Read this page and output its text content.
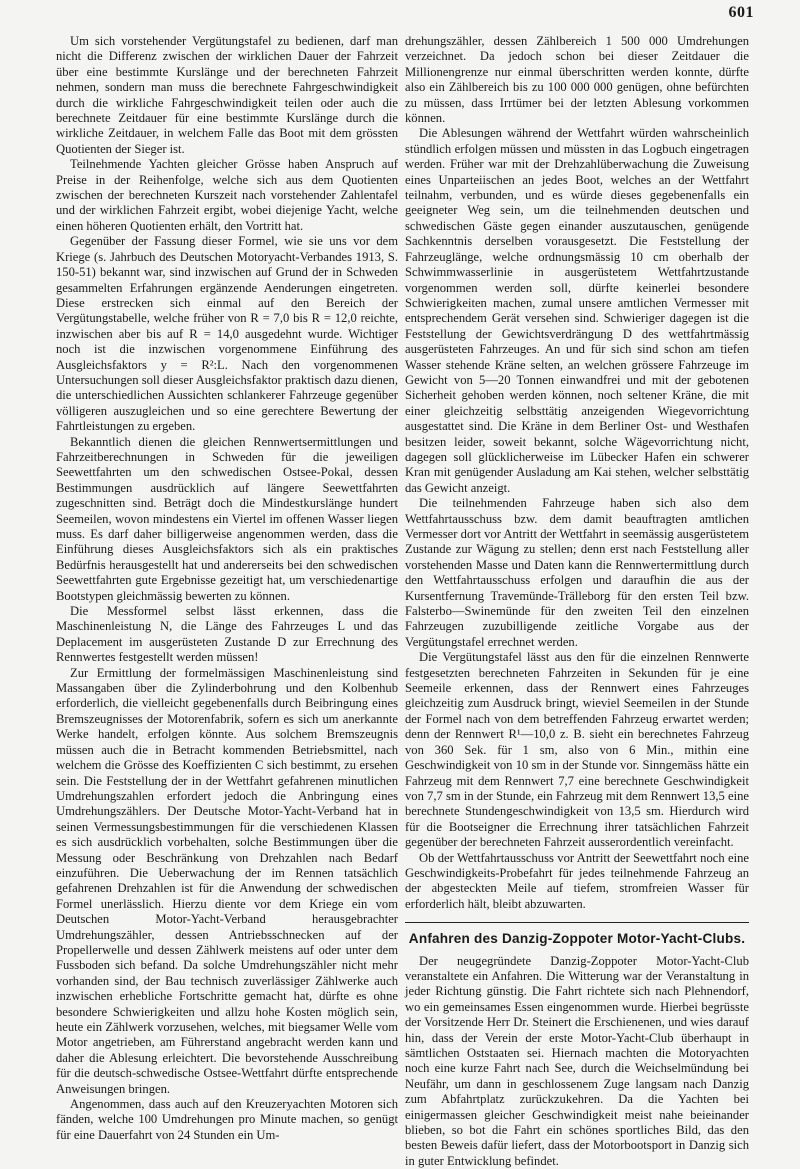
601

Um sich vorstehender Vergütungstafel zu bedienen, darf man nicht die Differenz zwischen der wirklichen Dauer der Fahrzeit über eine bestimmte Kurslänge und der berechneten Fahrzeit nehmen, sondern man muss die berechnete Fahrgeschwindigkeit durch die wirkliche Fahrgeschwindigkeit teilen oder auch die berechnete Zeitdauer für eine bestimmte Kurslänge durch die wirkliche Zeitdauer, in welchem Falle das Boot mit dem grössten Quotienten der Sieger ist.

Teilnehmende Yachten gleicher Grösse haben Anspruch auf Preise in der Reihenfolge, welche sich aus dem Quotienten zwischen der berechneten Kurszeit nach vorstehender Zahlentafel und der wirklichen Fahrzeit ergibt, wobei diejenige Yacht, welche einen höheren Quotienten erhält, den Vortritt hat.

Gegenüber der Fassung dieser Formel, wie sie uns vor dem Kriege (s. Jahrbuch des Deutschen Motoryacht-Verbandes 1913, S. 150-51) bekannt war, sind inzwischen auf Grund der in Schweden gesammelten Erfahrungen ergänzende Aenderungen eingetreten. Diese erstrecken sich einmal auf den Bereich der Vergütungstabelle, welche früher von R = 7,0 bis R = 12,0 reichte, inzwischen aber bis auf R = 14,0 ausgedehnt wurde. Wichtiger noch ist die inzwischen vorgenommene Einführung des Ausgleichsfaktors y = R²:L. Nach den vorgenommenen Untersuchungen soll dieser Ausgleichsfaktor praktisch dazu dienen, die unterschiedlichen Aussichten schlankerer Fahrzeuge gegenüber völligeren auszugleichen und so eine gerechtere Bewertung der Fahrtleistungen zu ergeben.

Bekanntlich dienen die gleichen Rennwertsermittlungen und Fahrzeitberechnungen in Schweden für die jeweiligen Seewettfahrten um den schwedischen Ostsee-Pokal, dessen Bestimmungen ausdrücklich auf längere Seewettfahrten zugeschnitten sind. Beträgt doch die Mindestkurslänge hundert Seemeilen, wovon mindestens ein Viertel im offenen Wasser liegen muss. Es darf daher billigerweise angenommen werden, dass die Einführung dieses Ausgleichsfaktors sich als ein praktisches Bedürfnis herausgestellt hat und andererseits bei den schwedischen Seewettfahrten gute Ergebnisse gezeitigt hat, um verschiedenartige Bootstypen gleichmässig bewerten zu können.

Die Messformel selbst lässt erkennen, dass die Maschinenleistung N, die Länge des Fahrzeuges L und das Deplacement im ausgerüsteten Zustande D zur Errechnung des Rennwertes festgestellt werden müssen!

Zur Ermittlung der formelmässigen Maschinenleistung sind Massangaben über die Zylinderbohrung und den Kolbenhub erforderlich, die vielleicht gegebenenfalls durch Beibringung eines Bremszeugnisses der Motorenfabrik, sofern es sich um anerkannte Werke handelt, erfolgen könnte. Aus solchem Bremszeugnis müssen auch die in Betracht kommenden Betriebsmittel, nach welchem die Grösse des Koeffizienten C sich bestimmt, zu ersehen sein. Die Feststellung der in der Wettfahrt gefahrenen minutlichen Umdrehungszahlen erfordert jedoch die Anbringung eines Umdrehungszählers. Der Deutsche Motor-Yacht-Verband hat in seinen Vermessungsbestimmungen für die verschiedenen Klassen es sich ausdrücklich vorbehalten, solche Bestimmungen über die Messung oder Beschränkung von Drehzahlen nach Bedarf einzuführen. Die Ueberwachung der im Rennen tatsächlich gefahrenen Drehzahlen ist für die Anwendung der schwedischen Formel unerlässlich. Hierzu diente vor dem Kriege ein vom Deutschen Motor-Yacht-Verband herausgebrachter Umdrehungszähler, dessen Antriebsschnecken auf der Propellerwelle und dessen Zählwerk meistens auf oder unter dem Fussboden sich befand. Da solche Umdrehungszähler nicht mehr vorhanden sind, der Bau technisch zuverlässiger Zählwerke auch inzwischen erhebliche Fortschritte gemacht hat, dürfte es ohne besondere Schwierigkeiten und allzu hohe Kosten möglich sein, heute ein Zählwerk vorzusehen, welches, mit biegsamer Welle vom Motor angetrieben, am Führerstand angebracht werden kann und daher die Ablesung erleichtert. Die bevorstehende Ausschreibung für die deutsch-schwedische Ostsee-Wettfahrt dürfte entsprechende Anweisungen bringen.

Angenommen, dass auch auf den Kreuzeryachten Motoren sich fänden, welche 100 Umdrehungen pro Minute machen, so genügt für eine Dauerfahrt von 24 Stunden ein Um-

drehungszähler, dessen Zählbereich 1 500 000 Umdrehungen verzeichnet. Da jedoch schon bei dieser Zeitdauer die Millionengrenze nur einmal überschritten werden konnte, dürfte also ein Zählbereich bis zu 100 000 000 genügen, ohne befürchten zu müssen, dass Irrtümer bei der letzten Ablesung vorkommen können.

Die Ablesungen während der Wettfahrt würden wahrscheinlich stündlich erfolgen müssen und müssten in das Logbuch eingetragen werden. Früher war mit der Drehzahlüberwachung die Zuweisung eines Unparteiischen an jedes Boot, welches an der Wettfahrt teilnahm, verbunden, und es würde dieses gegebenenfalls ein geeigneter Weg sein, um die teilnehmenden deutschen und schwedischen Gäste gegen einander auszutauschen, genügende Sachkenntnis derselben vorausgesetzt. Die Feststellung der Fahrzeuglänge, welche ordnungsmässig 10 cm oberhalb der Schwimmwasserlinie in ausgerüstetem Wettfahrtzustande vorgenommen werden soll, dürfte keinerlei besondere Schwierigkeiten machen, zumal unsere amtlichen Vermesser mit entsprechendem Gerät versehen sind. Schwieriger dagegen ist die Feststellung der Gewichtsverdrängung D des wettfahrtmässig ausgerüsteten Fahrzeuges. An und für sich sind schon am tiefen Wasser stehende Kräne selten, an welchen grössere Fahrzeuge im Gewicht von 5—20 Tonnen einwandfrei und mit der gebotenen Sicherheit gehoben werden können, noch seltener Kräne, die mit einer gleichzeitig selbsttätig anzeigenden Wiegevorrichtung ausgestattet sind. Die Kräne in dem Berliner Ost- und Westhafen besitzen leider, soweit bekannt, solche Wägevorrichtung nicht, dagegen soll glücklicherweise im Lübecker Hafen ein schwerer Kran mit genügender Ausladung am Kai stehen, welcher selbsttätig das Gewicht anzeigt.

Die teilnehmenden Fahrzeuge haben sich also dem Wettfahrtausschuss bzw. dem damit beauftragten amtlichen Vermesser dort vor Antritt der Wettfahrt in seemässig ausgerüstetem Zustande zur Wägung zu stellen; denn erst nach Feststellung aller vorstehenden Masse und Daten kann die Rennwertermittlung durch den Wettfahrtausschuss erfolgen und daraufhin die aus der Kursentfernung Travemünde-Trälleborg für den ersten Teil bzw. Falsterbo—Swinemünde für den zweiten Teil den einzelnen Fahrzeugen zuzubilligende zeitliche Vorgabe aus der Vergütungstafel errechnet werden.

Die Vergütungstafel lässt aus den für die einzelnen Rennwerte festgesetzten berechneten Fahrzeiten in Sekunden für je eine Seemeile erkennen, dass der Rennwert eines Fahrzeuges gleichzeitig zum Ausdruck bringt, wieviel Seemeilen in der Stunde der Formel nach von dem betreffenden Fahrzeug erwartet werden; denn der Rennwert R¹—10,0 z. B. sieht ein berechnetes Fahrzeug von 360 Sek. für 1 sm, also von 6 Min., mithin eine Geschwindigkeit von 10 sm in der Stunde vor. Sinngemäss hätte ein Fahrzeug mit dem Rennwert 7,7 eine berechnete Geschwindigkeit von 7,7 sm in der Stunde, ein Fahrzeug mit dem Rennwert 13,5 eine berechnete Stundengeschwindigkeit von 13,5 sm. Hierdurch wird für die Bootseigner die Errechnung ihrer tatsächlichen Fahrzeit gegenüber der berechneten Fahrzeit ausserordentlich vereinfacht.

Ob der Wettfahrtausschuss vor Antritt der Seewettfahrt noch eine Geschwindigkeits-Probefahrt für jedes teilnehmende Fahrzeug an der abgesteckten Meile auf tiefem, stromfreien Wasser für erforderlich hält, bleibt abzuwarten.

Anfahren des Danzig-Zoppoter Motor-Yacht-Clubs.

Der neugegründete Danzig-Zoppoter Motor-Yacht-Club veranstaltete ein Anfahren. Die Witterung war der Veranstaltung in jeder Richtung günstig. Die Fahrt richtete sich nach Plehnendorf, wo ein gemeinsames Essen eingenommen wurde. Hierbei begrüsste der Vorsitzende Herr Dr. Steinert die Erschienenen, und wies darauf hin, dass der Verein der erste Motor-Yacht-Club überhaupt in sämtlichen Oststaaten sei. Hiernach machten die Motoryachten noch eine kurze Fahrt nach See, durch die Weichselmündung bei Neufähr, um dann in geschlossenem Zuge langsam nach Danzig zum Abfahrtplatz zurückzukehren. Da die Yachten bei einigermassen gleicher Geschwindigkeit meist nahe beieinander blieben, so bot die Fahrt ein schönes sportliches Bild, das den besten Beweis dafür liefert, dass der Motorbootsport in Danzig sich in guter Entwicklung befindet.
